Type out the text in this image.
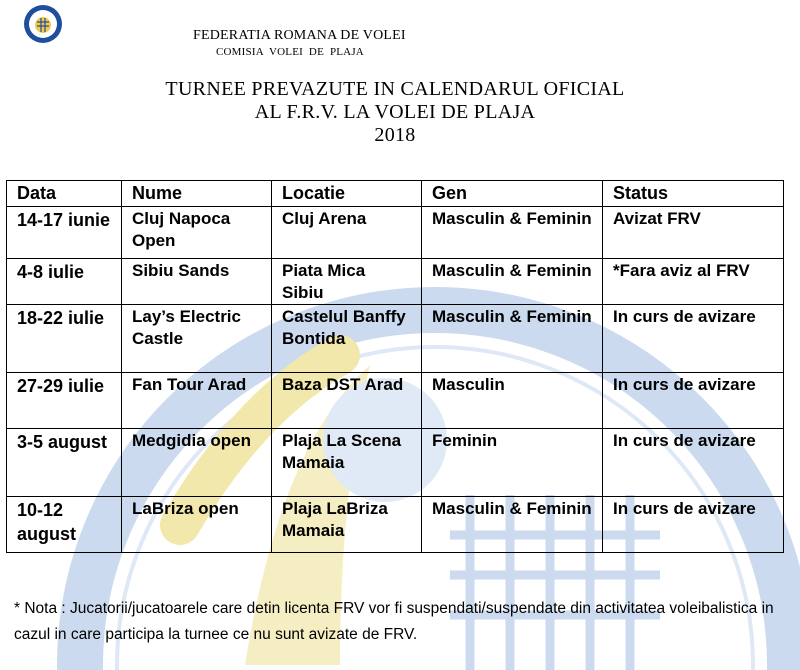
FEDERATIA ROMANA DE VOLEI
COMISIA VOLEI DE PLAJA
TURNEE PREVAZUTE IN CALENDARUL OFICIAL
AL F.R.V. LA VOLEI DE PLAJA
2018
Data	Nume	Locatie	Gen	Status
14-17 iunie	Cluj Napoca Open	Cluj Arena	Masculin & Feminin	Avizat FRV
4-8 iulie	Sibiu Sands	Piata Mica Sibiu	Masculin & Feminin	*Fara aviz al FRV
18-22 iulie	Lay’s Electric Castle	Castelul Banffy Bontida	Masculin & Feminin	In curs de avizare
27-29 iulie	Fan Tour Arad	Baza DST Arad	Masculin	In curs de avizare
3-5 august	Medgidia open	Plaja La Scena Mamaia	Feminin	In curs de avizare
10-12 august	LaBriza open	Plaja LaBriza Mamaia	Masculin & Feminin	In curs de avizare
* Nota : Jucatorii/jucatoarele care detin licenta FRV vor fi suspendati/suspendate din activitatea voleibalistica in cazul in care participa la turnee ce nu sunt avizate de FRV.
